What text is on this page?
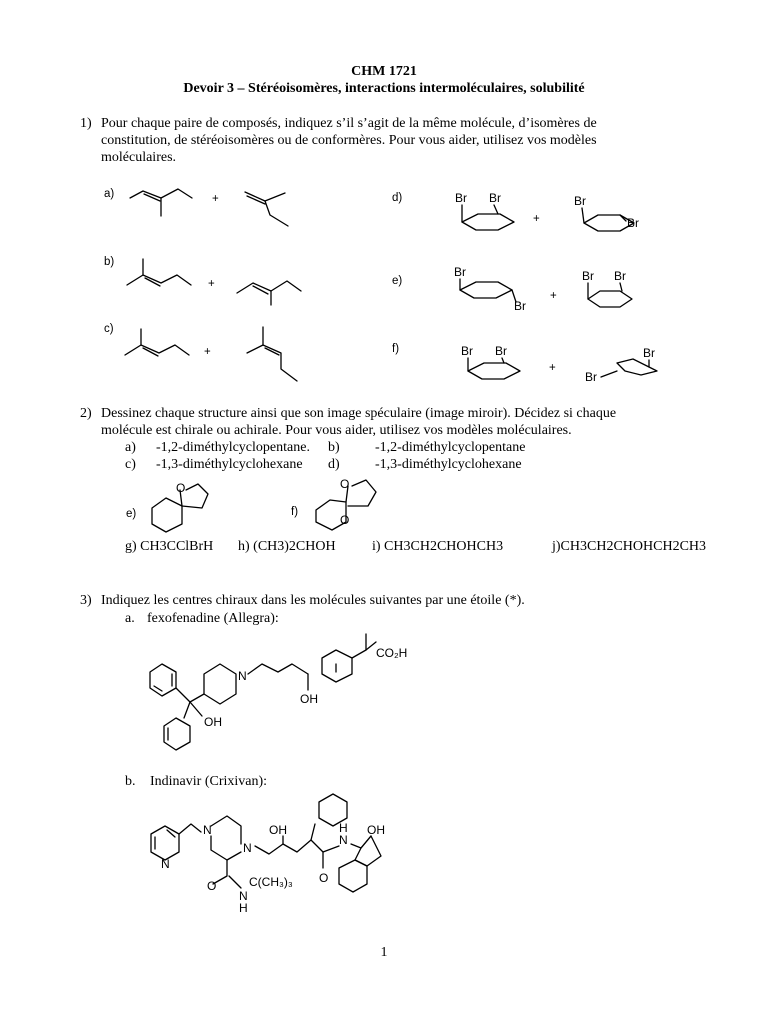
CHM 1721
Devoir 3 – Stéréoisomères, interactions intermoléculaires, solubilité
1) Pour chaque paire de composés, indiquez s’il s’agit de la même molécule, d’isomères de
constitution, de stéréoisomères ou de conformères. Pour vous aider, utilisez vos modèles
moléculaires.
a)
b)
c)
d)
e)
f)
+
+
+
+
+
+
Br Br	Br
Br
Br
Br
Br Br
Br Br
Br
Br
2) Dessinez chaque structure ainsi que son image spéculaire (image miroir). Décidez si chaque
molécule est chirale ou achirale. Pour vous aider, utilisez vos modèles moléculaires.
a) -1,2-diméthylcyclopentane. b)	-1,2-diméthylcyclopentane
c) -1,3-diméthylcyclohexane d)	-1,3-diméthylcyclohexane
e)	f)
O	O
O
g) CH3CClBrH h) (CH3)2CHOH	i) CH3CH2CHOHCH3	j)CH3CH2CHOHCH2CH3
3) Indiquez les centres chiraux dans les molécules suivantes par une étoile (*).
a. fexofenadine (Allegra):
OH
N
OH
CO₂H
b. Indinavir (Crixivan):
N
N
N
O
N
H
C(CH₃)₃
OH
O
N
H OH
1
